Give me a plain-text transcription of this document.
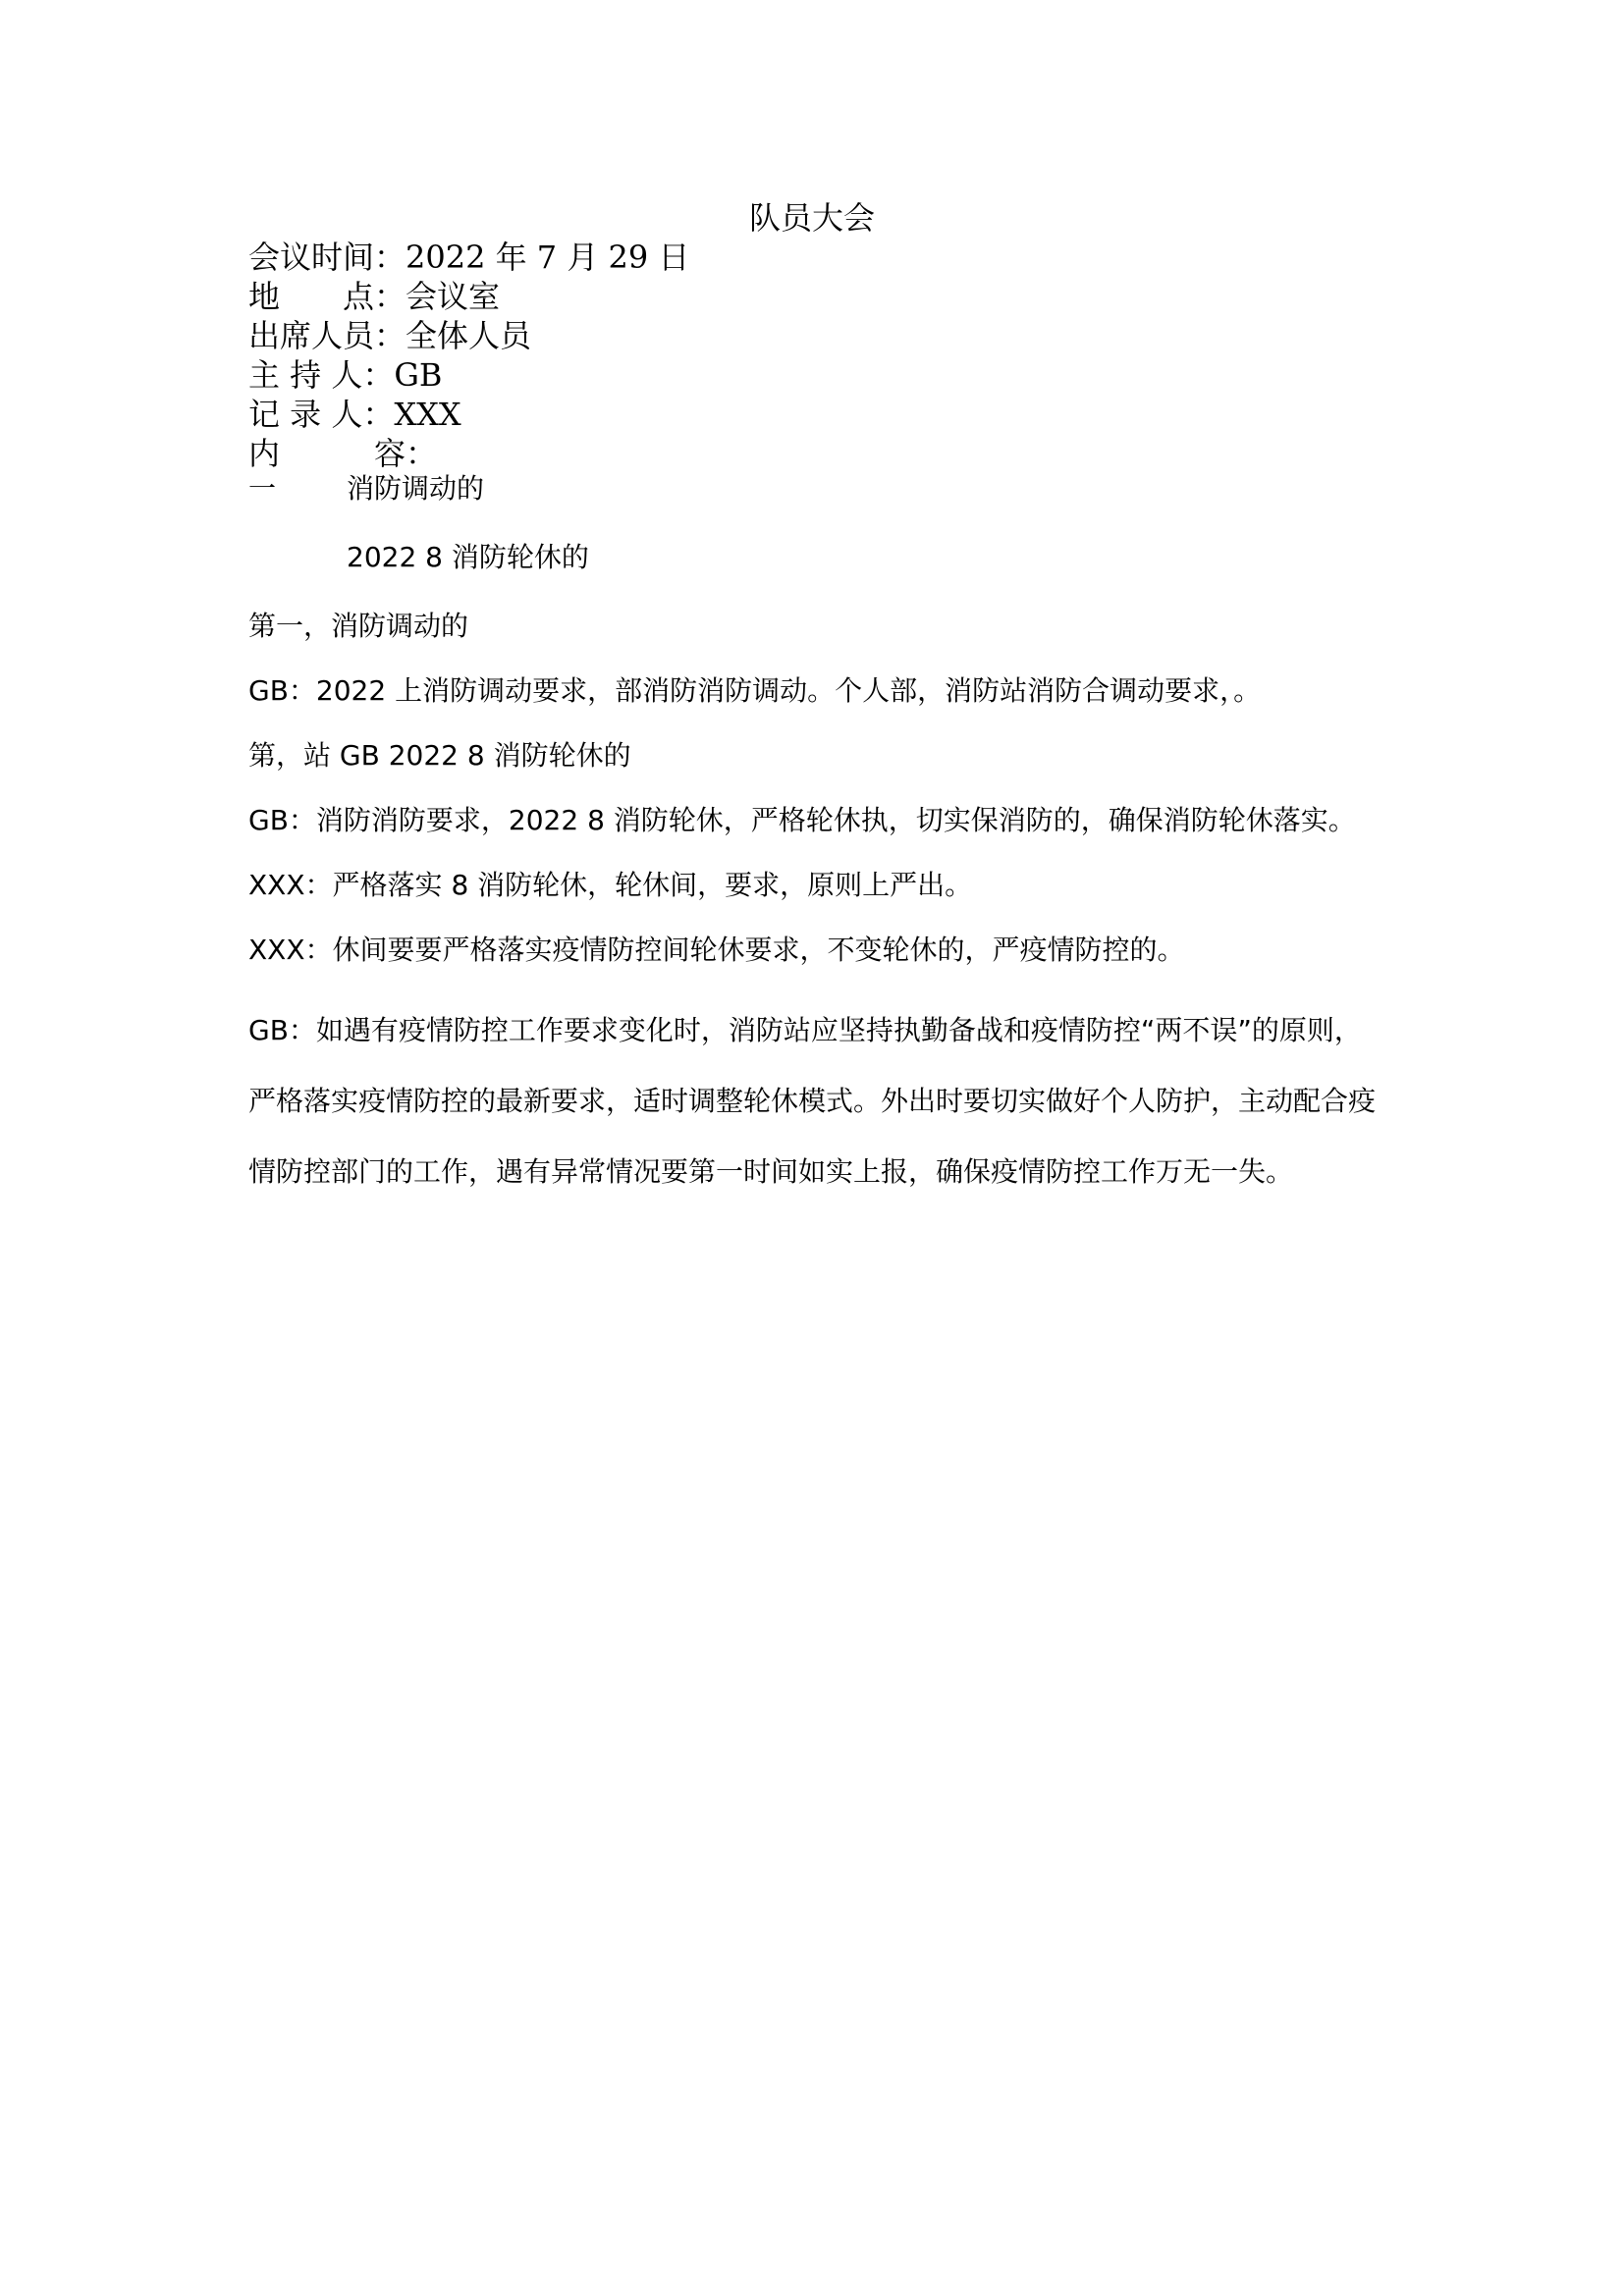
队员大会
会议时间：2022 年 7 月 29 日
地　　点：会议室
出席人员：全体人员
主 持 人：GB
记 录 人：XXX
内　　　容：

一	消防调动的

2022 8 消防轮休的

第一，消防调动的

GB：2022 上消防调动要求，部消防消防调动。个人部，消防站消防合调动要求，。

第，站 GB 2022 8 消防轮休的

GB：消防消防要求，2022 8 消防轮休，严格轮休执，切实保消防的，确保消防轮休落实。

XXX：严格落实 8 消防轮休，轮休间，要求，原则上严出。

XXX：休间要要严格落实疫情防控间轮休要求，不变轮休的，严疫情防控的。

GB：如遇有疫情防控工作要求变化时，消防站应坚持执勤备战和疫情防控“两不误”的原则，严格落实疫情防控的最新要求，适时调整轮休模式。外出时要切实做好个人防护，主动配合疫情防控部门的工作，遇有异常情况要第一时间如实上报，确保疫情防控工作万无一失。
